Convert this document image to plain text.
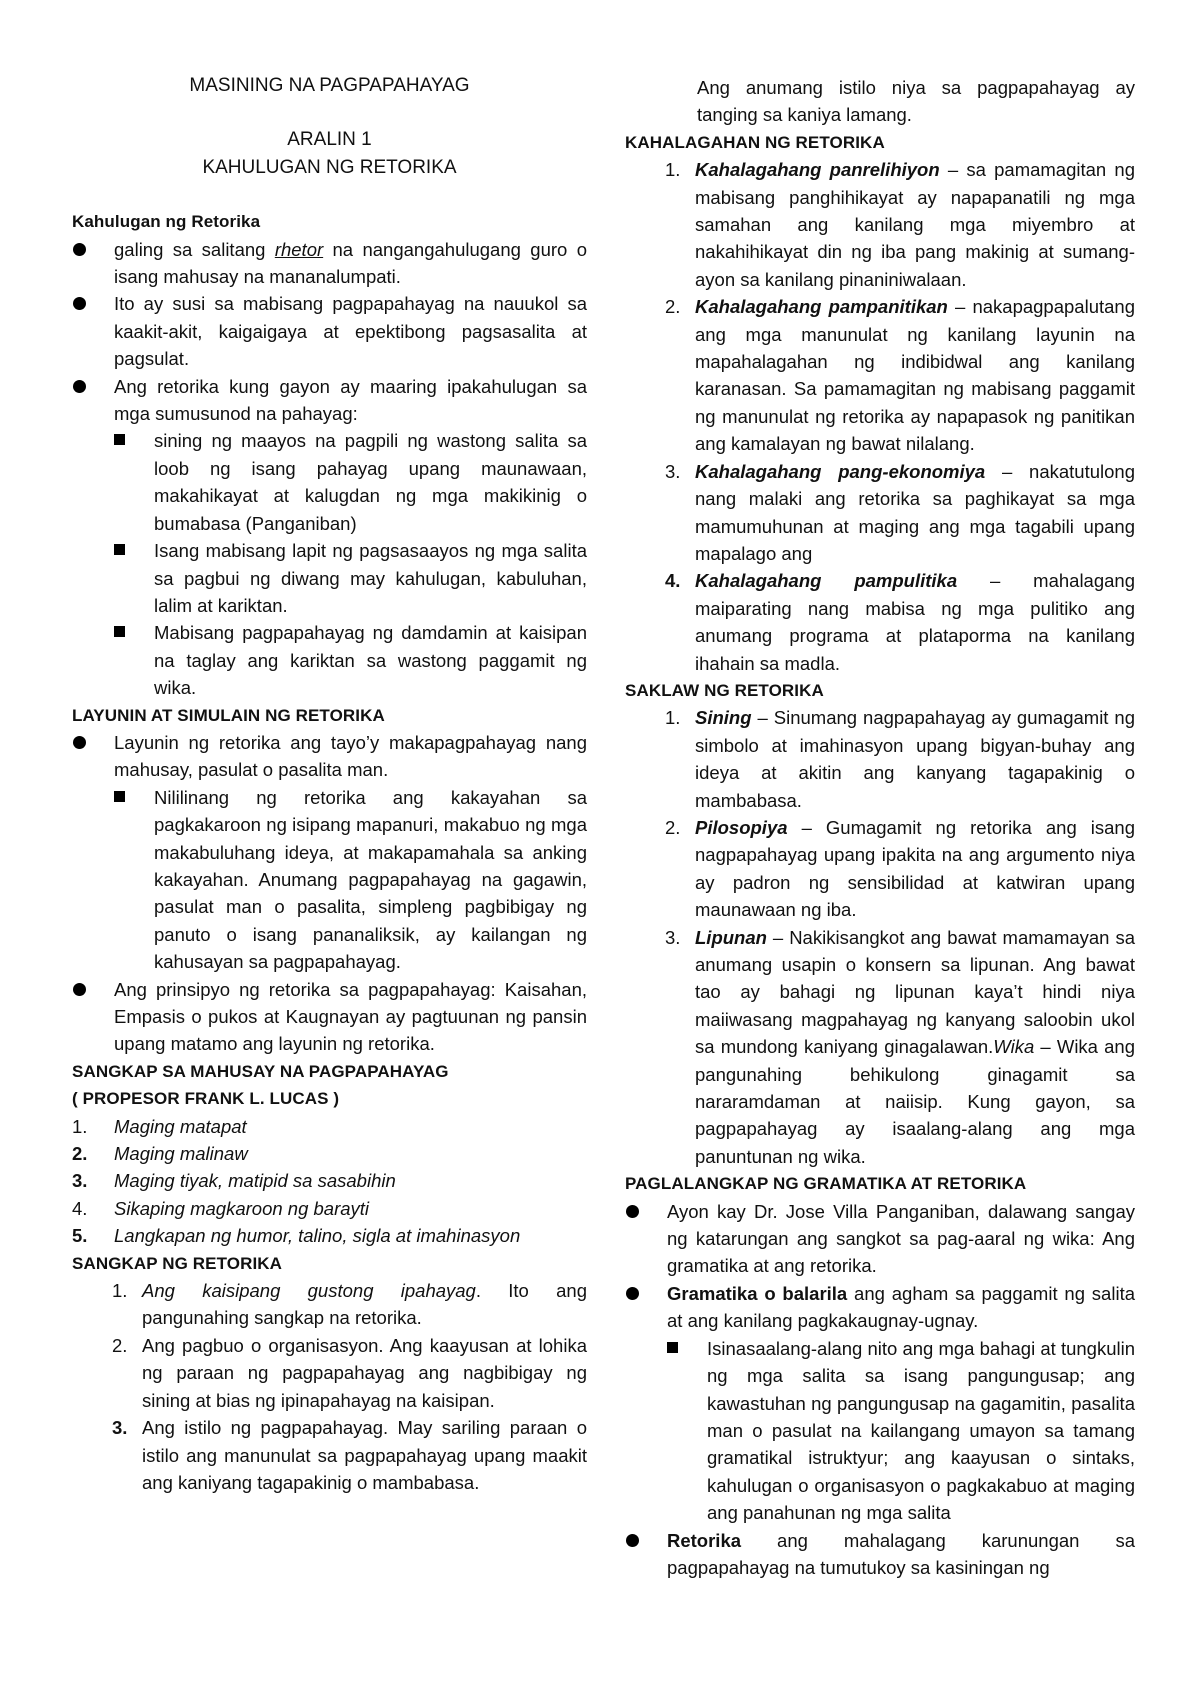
MASINING NA PAGPAPAHAYAG

ARALIN 1

KAHULUGAN NG RETORIKA

Kahulugan ng Retorika

galing sa salitang rhetor na nangangahulugang guro o isang mahusay na mananalumpati.
Ito ay susi sa mabisang pagpapahayag na nauukol sa kaakit-akit, kaigaigaya at epektibong pagsasalita at pagsulat.
Ang retorika kung gayon ay maaring ipakahulugan sa mga sumusunod na pahayag:
sining ng maayos na pagpili ng wastong salita sa loob ng isang pahayag upang maunawaan, makahikayat at kalugdan ng mga makikinig o bumabasa (Panganiban)
Isang mabisang lapit ng pagsasaayos ng mga salita sa pagbui ng diwang may kahulugan, kabuluhan, lalim at kariktan.
Mabisang pagpapahayag ng damdamin at kaisipan na taglay ang kariktan sa wastong paggamit ng wika.

LAYUNIN AT SIMULAIN NG RETORIKA

Layunin ng retorika ang tayo’y makapagpahayag nang mahusay, pasulat o pasalita man.
Nililinang ng retorika ang kakayahan sa pagkakaroon ng isipang mapanuri, makabuo ng mga makabuluhang ideya, at makapamahala sa anking kakayahan. Anumang pagpapahayag na gagawin, pasulat man o pasalita, simpleng pagbibigay ng panuto o isang pananaliksik, ay kailangan ng kahusayan sa pagpapahayag.
Ang prinsipyo ng retorika sa pagpapahayag: Kaisahan, Empasis o pukos at Kaugnayan ay pagtuunan ng pansin upang matamo ang layunin ng retorika.

SANGKAP SA MAHUSAY NA PAGPAPAHAYAG

( PROPESOR FRANK L. LUCAS )

1. Maging matapat
2. Maging malinaw
3. Maging tiyak, matipid sa sasabihin
4. Sikaping magkaroon ng barayti
5. Langkapan ng humor, talino, sigla at imahinasyon

SANGKAP NG RETORIKA

1. Ang kaisipang gustong ipahayag. Ito ang pangunahing sangkap na retorika.
2. Ang pagbuo o organisasyon. Ang kaayusan at lohika ng paraan ng pagpapahayag ang nagbibigay ng sining at bias ng ipinapahayag na kaisipan.
3. Ang istilo ng pagpapahayag. May sariling paraan o istilo ang manunulat sa pagpapahayag upang maakit ang kaniyang tagapakinig o mambabasa.

Ang anumang istilo niya sa pagpapahayag ay tanging sa kaniya lamang.

KAHALAGAHAN NG RETORIKA

1. Kahalagahang panrelihiyon – sa pamamagitan ng mabisang panghihikayat ay napapanatili ng mga samahan ang kanilang mga miyembro at nakahihikayat din ng iba pang makinig at sumang-ayon sa kanilang pinaniniwalaan.
2. Kahalagahang pampanitikan – nakapagpapalutang ang mga manunulat ng kanilang layunin na mapahalagahan ng indibidwal ang kanilang karanasan. Sa pamamagitan ng mabisang paggamit ng manunulat ng retorika ay napapasok ng panitikan ang kamalayan ng bawat nilalang.
3. Kahalagahang pang-ekonomiya – nakatutulong nang malaki ang retorika sa paghikayat sa mga mamumuhunan at maging ang mga tagabili upang mapalago ang
4. Kahalagahang pampulitika – mahalagang maiparating nang mabisa ng mga pulitiko ang anumang programa at plataporma na kanilang ihahain sa madla.

SAKLAW NG RETORIKA

1. Sining – Sinumang nagpapahayag ay gumagamit ng simbolo at imahinasyon upang bigyan-buhay ang ideya at akitin ang kanyang tagapakinig o mambabasa.
2. Pilosopiya – Gumagamit ng retorika ang isang nagpapahayag upang ipakita na ang argumento niya ay padron ng sensibilidad at katwiran upang maunawaan ng iba.
3. Lipunan – Nakikisangkot ang bawat mamamayan sa anumang usapin o konsern sa lipunan. Ang bawat tao ay bahagi ng lipunan kaya’t hindi niya maiiwasang magpahayag ng kanyang saloobin ukol sa mundong kaniyang ginagalawan.Wika – Wika ang pangunahing behikulong ginagamit sa nararamdaman at naiisip. Kung gayon, sa pagpapahayag ay isaalang-alang ang mga panuntunan ng wika.

PAGLALANGKAP NG GRAMATIKA AT RETORIKA

Ayon kay Dr. Jose Villa Panganiban, dalawang sangay ng katarungan ang sangkot sa pag-aaral ng wika: Ang gramatika at ang retorika.
Gramatika o balarila ang agham sa paggamit ng salita at ang kanilang pagkakaugnay-ugnay.
Isinasaalang-alang nito ang mga bahagi at tungkulin ng mga salita sa isang pangungusap; ang kawastuhan ng pangungusap na gagamitin, pasalita man o pasulat na kailangang umayon sa tamang gramatikal istruktyur; ang kaayusan o sintaks, kahulugan o organisasyon o pagkakabuo at maging ang panahunan ng mga salita
Retorika ang mahalagang karunungan sa pagpapahayag na tumutukoy sa kasiningan ng
